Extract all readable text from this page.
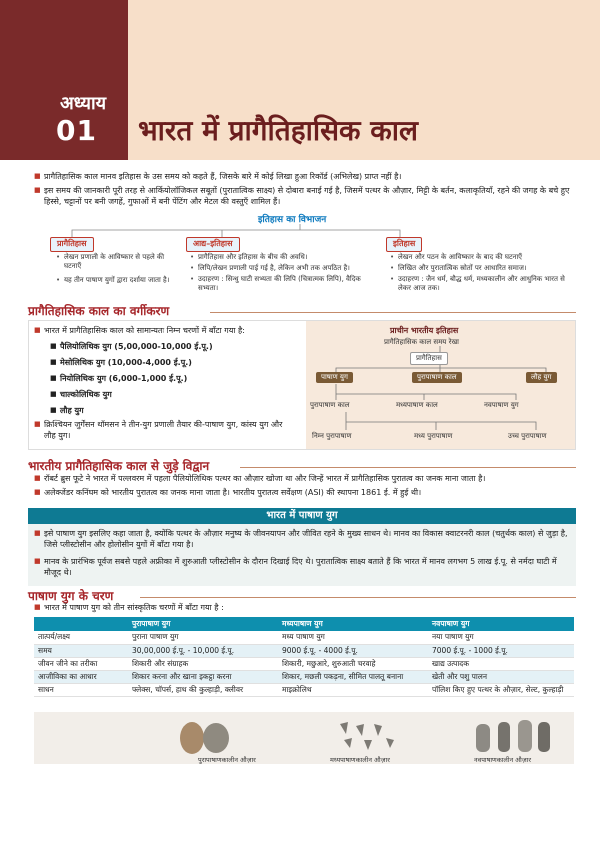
अध्याय
01 भारत में प्रागैतिहासिक काल
■ प्रागैतिहासिक काल मानव इतिहास के उस समय को कहते हैं, जिसके बारे में कोई लिखा हुआ रिकॉर्ड (अभिलेख) प्राप्त नहीं है।
■ इस समय की जानकारी पूरी तरह से आर्कियोलॉजिकल सबूतों (पुरातात्विक साक्ष्य) से दोबारा बनाई गई है, जिसमें पत्थर के औज़ार, मिट्टी के बर्तन, कलाकृतियाँ, रहने की जगह के बचे हुए हिस्से, चट्टानों पर बनी जगहें, गुफाओं में बनी पेंटिंग और मेटल की वस्तुएँ शामिल हैं।
इतिहास का विभाजन
प्रागैतिहास	आद्य–इतिहास	इतिहास
• लेखन प्रणाली के आविष्कार से पहले की घटनाएँ
• यह तीन पाषाण युगों द्वारा दर्शाया जाता है।
• प्रागैतिहास और इतिहास के बीच की अवधि।
• लिपि/लेखन प्रणाली पाई गई है, लेकिन अभी तक अपठित है।
• उदाहरण : सिन्धु घाटी सभ्यता की लिपि (चित्रात्मक लिपि), वैदिक सभ्यता।
• लेखन और पठन के आविष्कार के बाद की घटनाएँ
• लिखित और पुरातात्विक स्रोतों पर आधारित समाज।
• उदाहरण : जैन धर्म, बौद्ध धर्म, मध्यकालीन और आधुनिक भारत से लेकर आज तक।
प्रागैतिहासिक काल का वर्गीकरण
■ भारत में प्रागैतिहासिक काल को सामान्यतः निम्न चरणों में बाँटा गया है:
■ पैलियोलिथिक युग (5,00,000-10,000 ई.पू.)
■ मेसोलिथिक युग (10,000-4,000 ई.पू.)
■ नियोलिथिक युग (6,000-1,000 ई.पू.)
■ चाल्कोलिथिक युग
■ लौह युग
■ क्रिश्चियन जुर्गेंसन थॉमसन ने तीन-युग प्रणाली तैयार की-पाषाण युग, कांस्य युग और लौह युग।
प्राचीन भारतीय इतिहास
प्रागैतिहासिक काल समय रेखा
प्रागैतिहास
पाषाण युग	पुरापाषाण काल	लौह युग
पुरापाषाण काल	मध्यपाषाण काल	नवपाषाण युग
निम्न पुरापाषाण	मध्य पुरापाषाण	उच्च पुरापाषाण
भारतीय प्रागैतिहासिक काल से जुड़े विद्वान
■ रॉबर्ट ब्रुस फूटे ने भारत में पल्लवरम में पहला पैलियोलिथिक पत्थर का औज़ार खोजा था और जिन्हें भारत में प्रागैतिहासिक पुरातत्व का जनक माना जाता है।
■ अलेक्जेंडर कनिंघम को भारतीय पुरातत्व का जनक माना जाता है। भारतीय पुरातत्व सर्वेक्षण (ASI) की स्थापना 1861 ई. में हुई थी।
भारत में पाषाण युग
■ इसे पाषाण युग इसलिए कहा जाता है, क्योंकि पत्थर के औज़ार मनुष्य के जीवनयापन और जीवित रहने के मुख्य साधन थे। मानव का विकास क्वाटरनरी काल (चतुर्थक काल) से जुड़ा है, जिसे प्लीस्टोसीन और होलोसीन युगों में बाँटा गया है।
■ मानव के प्रारंभिक पूर्वज सबसे पहले अफ्रीका में शुरुआती प्लीस्टोसीन के दौरान दिखाई दिए थे। पुरातात्विक साक्ष्य बताते हैं कि भारत में मानव लगभग 5 लाख ई.पू. से नर्मदा घाटी में मौजूद थे।
पाषाण युग के चरण
■ भारत में पाषाण युग को तीन सांस्कृतिक चरणों में बाँटा गया है :
	पुरापाषाण युग	मध्यपाषाण युग	नवपाषाण युग
तात्पर्य/लक्ष्य	पुराना पाषाण युग	मध्य पाषाण युग	नया पाषाण युग
समय	30,00,000 ई.पू. - 10,000 ई.पू.	9000 ई.पू. - 4000 ई.पू.	7000 ई.पू. - 1000 ई.पू.
जीवन जीने का तरीका	शिकारी और संग्राहक	शिकारी, मछुआरे, शुरुआती चरवाहे	खाद्य उत्पादक
आजीविका का आधार	शिकार करना और खाना इकट्ठा करना	शिकार, मछली पकड़ना, सीमित पालतू बनाना	खेती और पशु पालन
साधन	फ्लेक्स, चॉपर्स, हाथ की कुल्हाड़ी, क्लीवर	माइक्रोलिथ	पॉलिश किए हुए पत्थर के औज़ार, सेल्ट, कुल्हाड़ी
पुरापाषाणकालीन औज़ार	मध्यपाषाणकालीन औज़ार	नवपाषाणकालीन औज़ार
